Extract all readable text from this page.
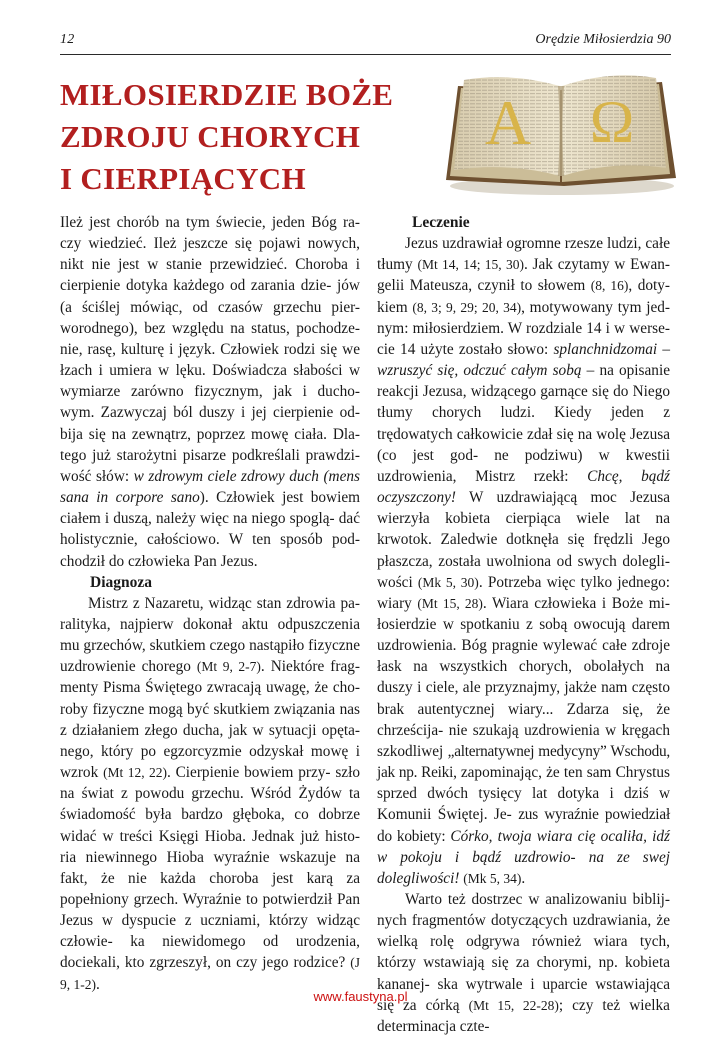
12	Orędzie Miłosierdzia 90
MIŁOSIERDZIE BOŻE
ZDROJU CHORYCH
I CIERPIĄCYCH
A Ω

Ileż jest chorób na tym świecie, jeden Bóg ra- czy wiedzieć. Ileż jeszcze się pojawi nowych, nikt nie jest w stanie przewidzieć. Choroba i cierpienie dotyka każdego od zarania dzie- jów (a ściślej mówiąc, od czasów grzechu pier- worodnego), bez względu na status, pochodze- nie, rasę, kulturę i język. Człowiek rodzi się we łzach i umiera w lęku. Doświadcza słabości w wymiarze zarówno fizycznym, jak i ducho- wym. Zazwyczaj ból duszy i jej cierpienie od- bija się na zewnątrz, poprzez mowę ciała. Dla- tego już starożytni pisarze podkreślali prawdzi- wość słów: w zdrowym ciele zdrowy duch (mens sana in corpore sano). Człowiek jest bowiem ciałem i duszą, należy więc na niego spoglą- dać holistycznie, całościowo. W ten sposób pod- chodził do człowieka Pan Jezus.

Diagnoza

Mistrz z Nazaretu, widząc stan zdrowia pa- ralityka, najpierw dokonał aktu odpuszczenia mu grzechów, skutkiem czego nastąpiło fizyczne uzdrowienie chorego (Mt 9, 2-7). Niektóre frag- menty Pisma Świętego zwracają uwagę, że cho- roby fizyczne mogą być skutkiem związania nas z działaniem złego ducha, jak w sytuacji opęta- nego, który po egzorcyzmie odzyskał mowę i wzrok (Mt 12, 22). Cierpienie bowiem przy- szło na świat z powodu grzechu. Wśród Żydów ta świadomość była bardzo głęboka, co dobrze widać w treści Księgi Hioba. Jednak już histo- ria niewinnego Hioba wyraźnie wskazuje na fakt, że nie każda choroba jest karą za popełniony grzech. Wyraźnie to potwierdził Pan Jezus w dyspucie z uczniami, którzy widząc człowie- ka niewidomego od urodzenia, dociekali, kto zgrzeszył, on czy jego rodzice? (J 9, 1-2).

Leczenie

Jezus uzdrawiał ogromne rzesze ludzi, całe tłumy (Mt 14, 14; 15, 30). Jak czytamy w Ewan- gelii Mateusza, czynił to słowem (8, 16), doty- kiem (8, 3; 9, 29; 20, 34), motywowany tym jed- nym: miłosierdziem. W rozdziale 14 i w werse- cie 14 użyte zostało słowo: splanchnidzomai – wzruszyć się, odczuć całym sobą – na opisanie reakcji Jezusa, widzącego garnące się do Niego tłumy chorych ludzi. Kiedy jeden z trędowatych całkowicie zdał się na wolę Jezusa (co jest god- ne podziwu) w kwestii uzdrowienia, Mistrz rzekł: Chcę, bądź oczyszczony! W uzdrawiającą moc Jezusa wierzyła kobieta cierpiąca wiele lat na krwotok. Zaledwie dotknęła się frędzli Jego płaszcza, została uwolniona od swych dolegli- wości (Mk 5, 30). Potrzeba więc tylko jednego: wiary (Mt 15, 28). Wiara człowieka i Boże mi- łosierdzie w spotkaniu z sobą owocują darem uzdrowienia. Bóg pragnie wylewać całe zdroje łask na wszystkich chorych, obolałych na duszy i ciele, ale przyznajmy, jakże nam często brak autentycznej wiary... Zdarza się, że chrześcija- nie szukają uzdrowienia w kręgach szkodliwej „alternatywnej medycyny” Wschodu, jak np. Reiki, zapominając, że ten sam Chrystus sprzed dwóch tysięcy lat dotyka i dziś w Komunii Świętej. Je- zus wyraźnie powiedział do kobiety: Córko, twoja wiara cię ocaliła, idź w pokoju i bądź uzdrowio- na ze swej dolegliwości! (Mk 5, 34).

Warto też dostrzec w analizowaniu biblij- nych fragmentów dotyczących uzdrawiania, że wielką rolę odgrywa również wiara tych, którzy wstawiają się za chorymi, np. kobieta kananej- ska wytrwale i uparcie wstawiająca się za córką (Mt 15, 22-28); czy też wielka determinacja czte-

www.faustyna.pl
